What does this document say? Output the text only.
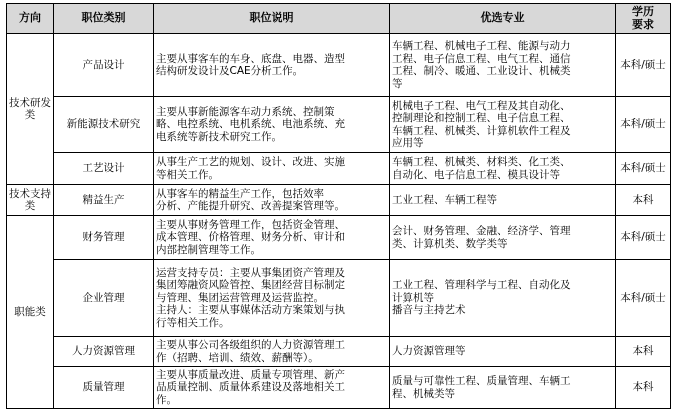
方向	职位类别	职位说明	优选专业	学历
要求

技术研发类	产品设计	主要从事客车的车身、底盘、电器、造型
结构研发设计及CAE分析工作。	车辆工程、机械电子工程、能源与动力
工程、电子信息工程、电气工程、通信
工程、制冷、暖通、工业设计、机械类
等	本科/硕士
	新能源技术研究	主要从事新能源客车动力系统、控制策
略、电控系统、电机系统、电池系统、充
电系统等新技术研究工作。	机械电子工程、电气工程及其自动化、
控制理论和控制工程、电子信息工程、
车辆工程、机械类、计算机软件工程及
应用等	本科/硕士
	工艺设计	从事生产工艺的规划、设计、改进、实施
等相关工作。	车辆工程、机械类、材料类、化工类、
自动化、电子信息工程、模具设计等	本科/硕士
技术支持类	精益生产	从事客车的精益生产工作，包括效率
分析、产能提升研究、改善提案管理等。	工业工程、车辆工程等	本科
职能类	财务管理	主要从事财务管理工作，包括资金管理、
成本管理、价格管理、财务分析、审计和
内部控制管理等工作。	会计、财务管理、金融、经济学、管理
类、计算机类、数学类等	本科/硕士
	企业管理	运营支持专员：主要从事集团资产管理及
集团筹融资风险管控、集团经营目标制定
与管理、集团运营管理及运营监控。
主持人：主要从事媒体活动方案策划与执
行等相关工作。	工业工程、管理科学与工程、自动化及
计算机等
播音与主持艺术	本科/硕士
	人力资源管理	主要从事公司各级组织的人力资源管理工
作（招聘、培训、绩效、薪酬等）。	人力资源管理等	本科
	质量管理	主要从事质量改进、质量专项管理、新产
品质量控制、质量体系建设及落地相关工
作。	质量与可靠性工程、质量管理、车辆工
程、机械类等	本科
